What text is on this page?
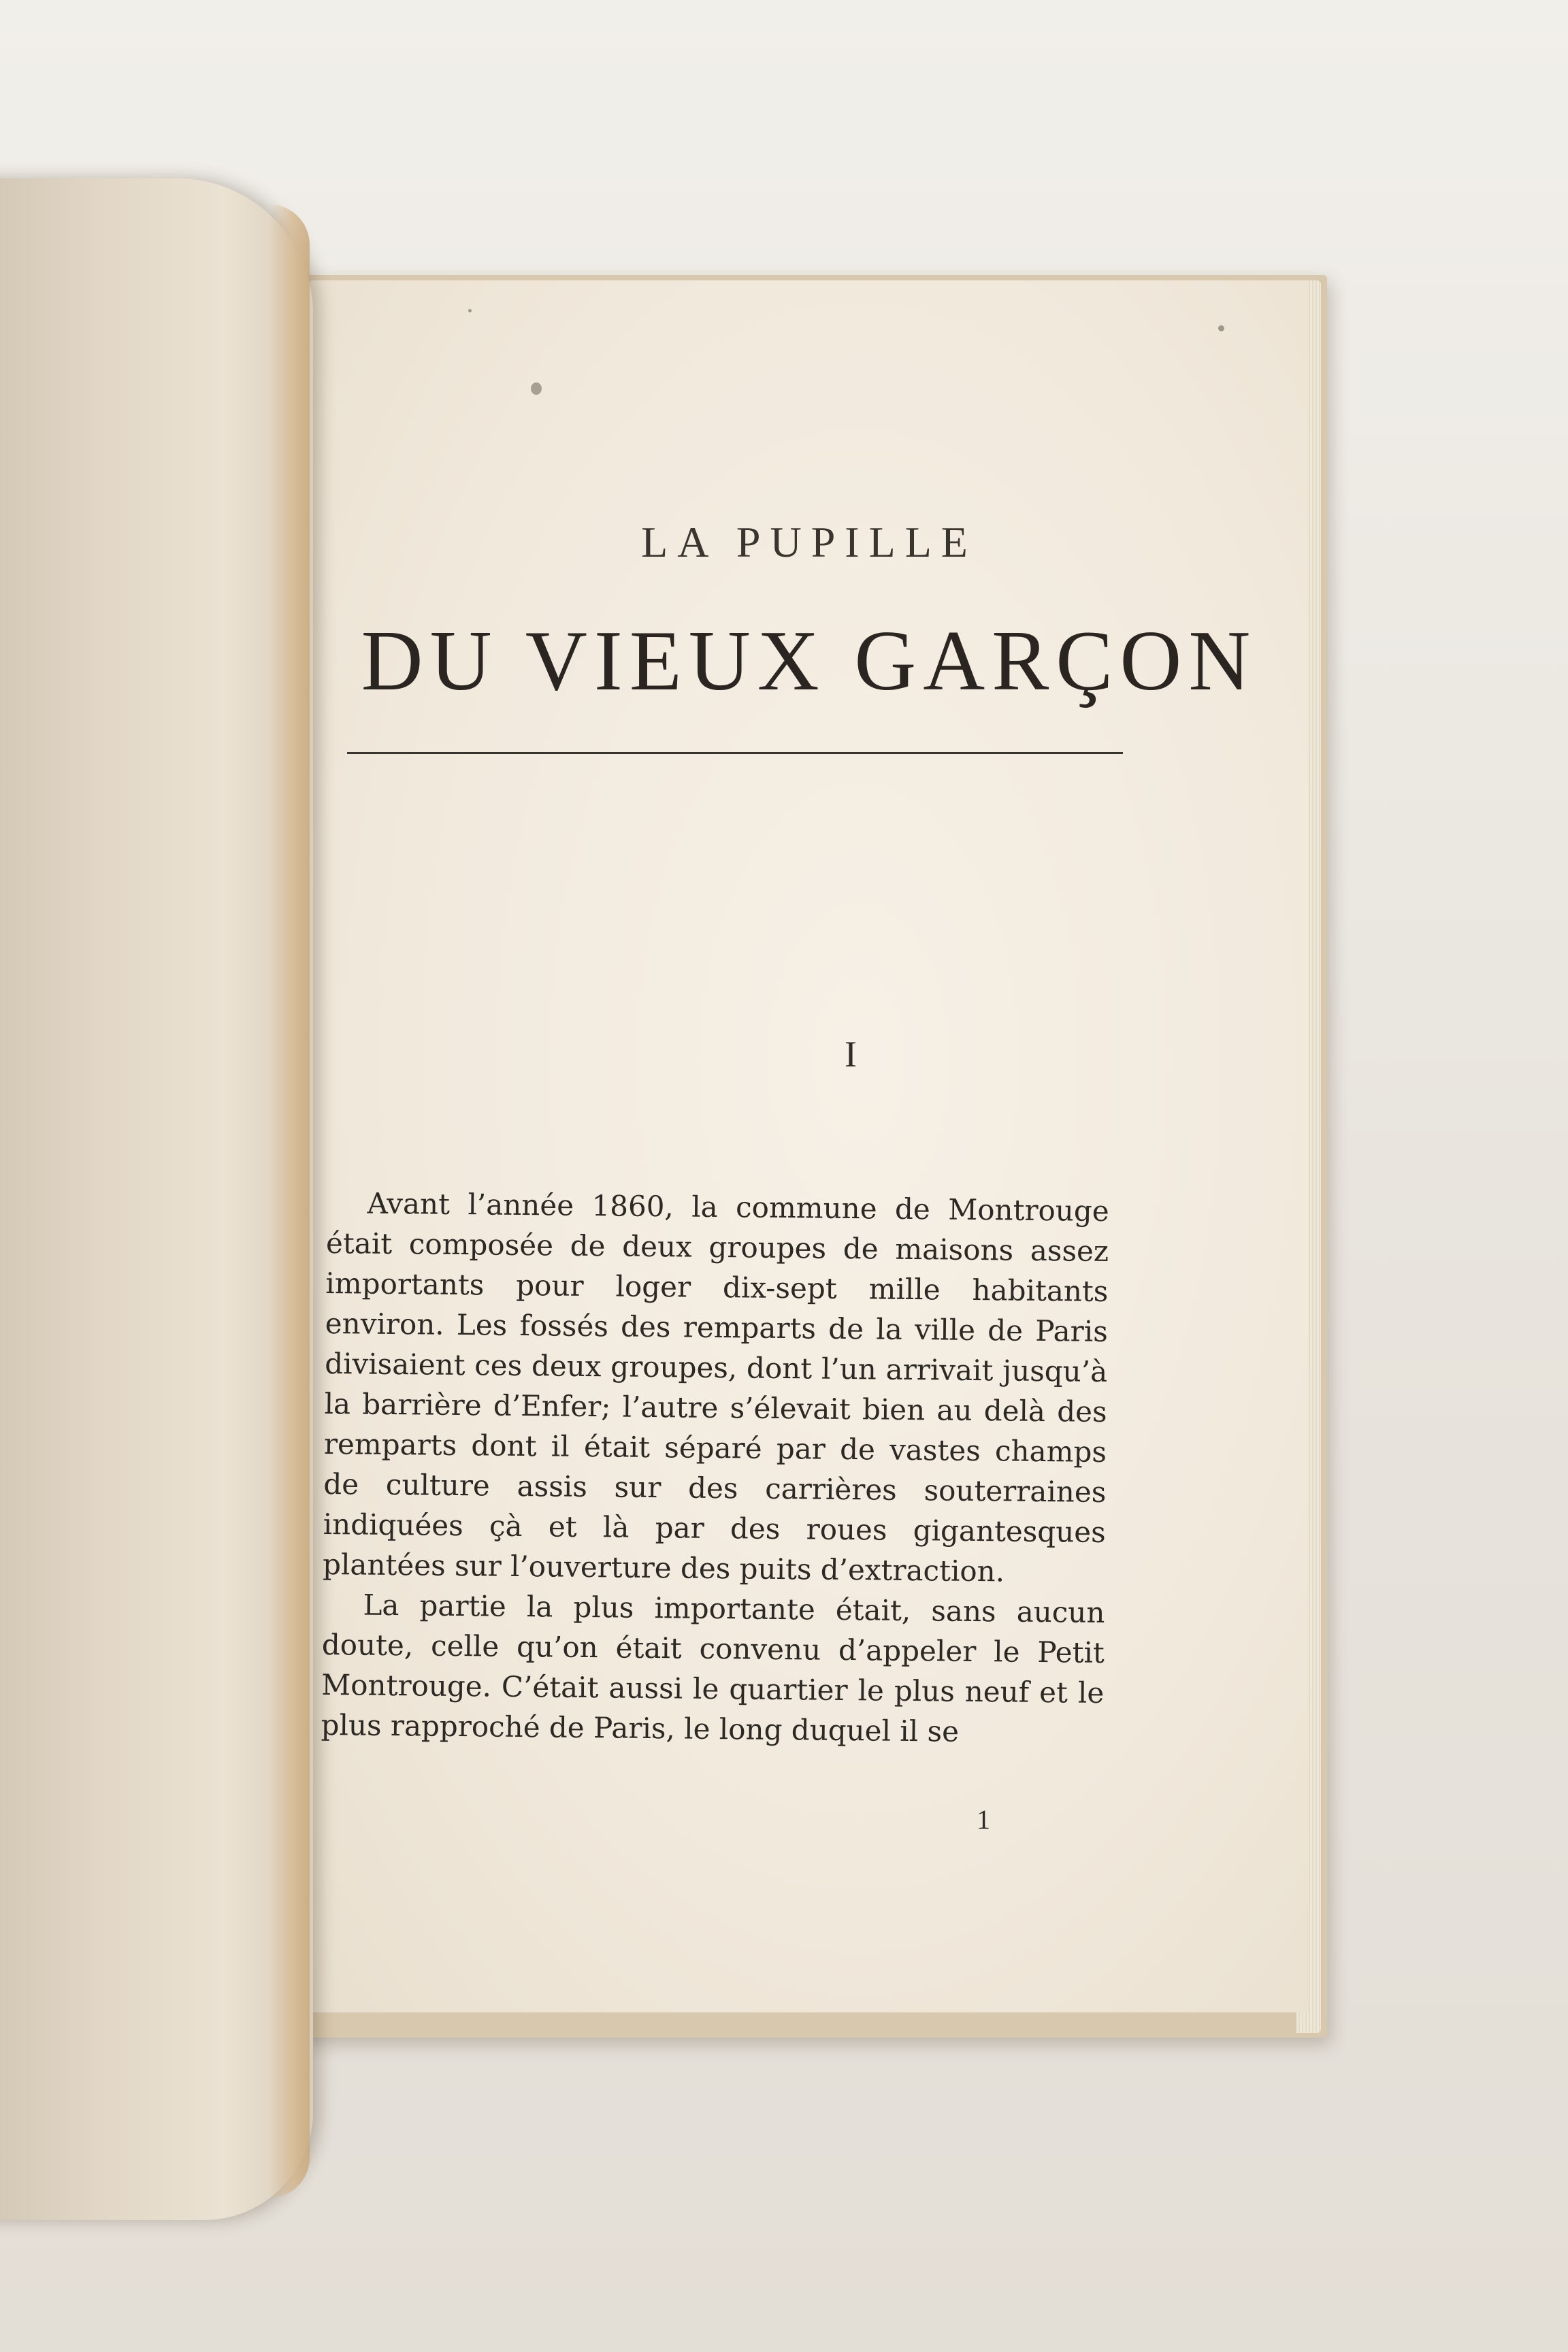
LA PUPILLE
DU VIEUX GARÇON
I

Avant l’année 1860, la commune de Montrouge était composée de deux groupes de maisons assez importants pour loger dix-sept mille habitants environ. Les fossés des remparts de la ville de Paris divisaient ces deux groupes, dont l’un arrivait jusqu’à la barrière d’Enfer; l’autre s’élevait bien au delà des remparts dont il était séparé par de vastes champs de culture assis sur des carrières souterraines indiquées çà et là par des roues gigantesques plantées sur l’ouverture des puits d’extraction.

La partie la plus importante était, sans aucun doute, celle qu’on était convenu d’appeler le Petit Montrouge. C’était aussi le quartier le plus neuf et le plus rapproché de Paris, le long duquel il se

1
